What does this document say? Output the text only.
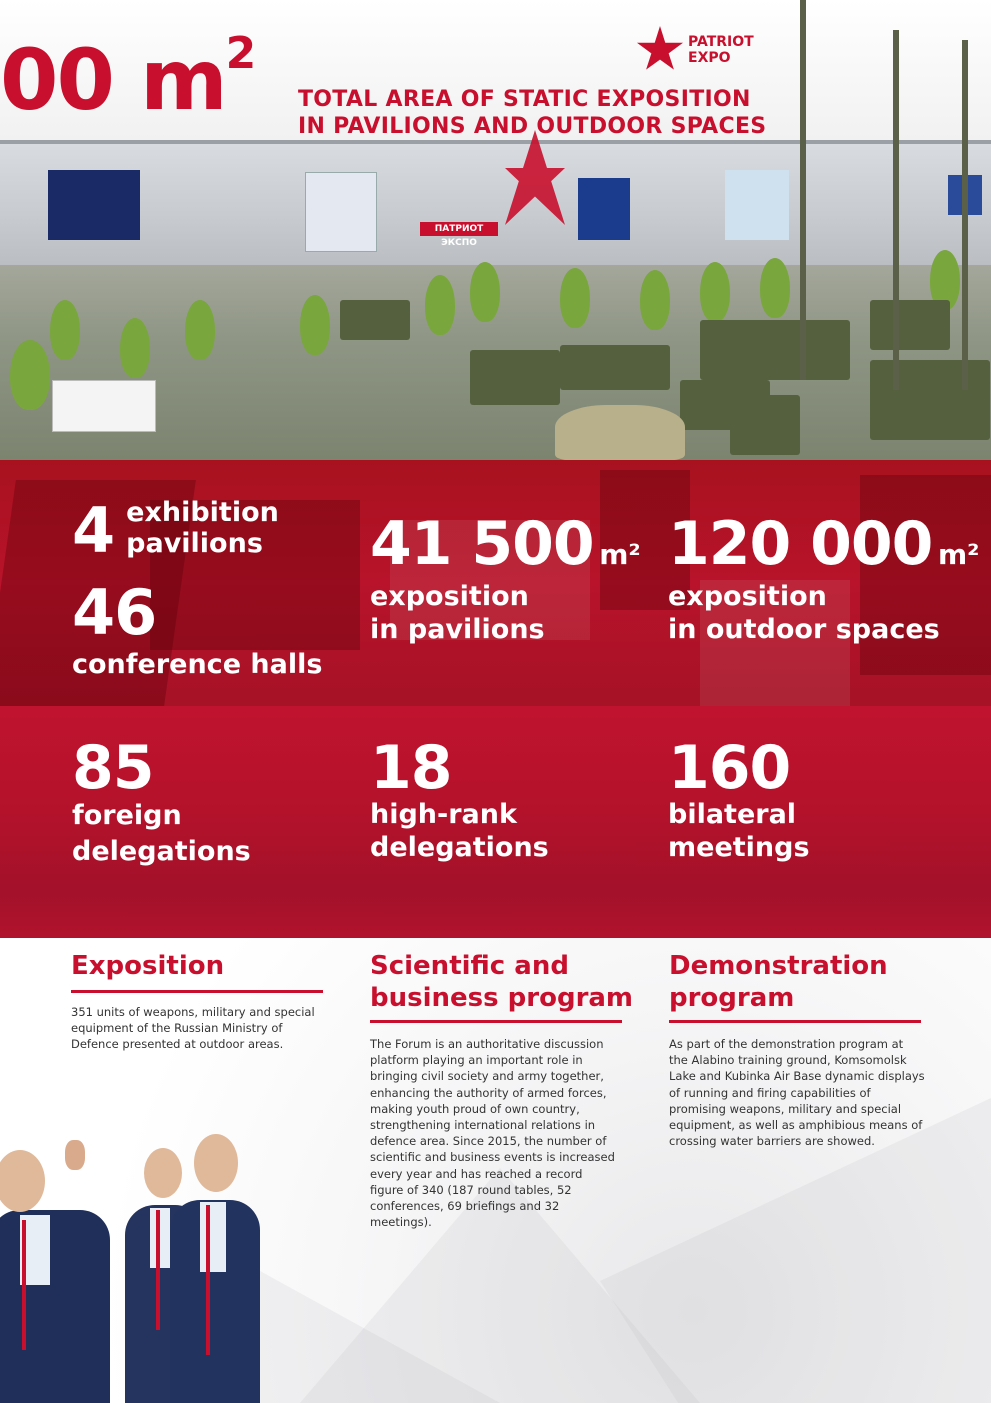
ПАТРИОТ ЭКСПО
00 $m^2$
TOTAL AREA OF STATIC EXPOSITION
IN PAVILIONS AND OUTDOOR SPACES
PATRIOT
EXPO
4 exhibition
pavilions
46
conference halls
41 500 m²
exposition
in pavilions
120 000 m²
exposition
in outdoor spaces
85
foreign
delegations
18
high-rank
delegations
160
bilateral
meetings
Exposition
351 units of weapons, military and special equipment of the Russian Ministry of Defence presented at outdoor areas.
Scientific and
business program
The Forum is an authoritative discussion platform playing an important role in bringing civil society and army together, enhancing the authority of armed forces, making youth proud of own country, strengthening international relations in defence area. Since 2015, the number of scientific and business events is increased every year and has reached a record figure of 340 (187 round tables, 52 conferences, 69 briefings and 32 meetings).
Demonstration
program
As part of the demonstration program at the Alabino training ground, Komsomolsk Lake and Kubinka Air Base dynamic displays of running and firing capabilities of promising weapons, military and special equipment, as well as amphibious means of crossing water barriers are showed.
